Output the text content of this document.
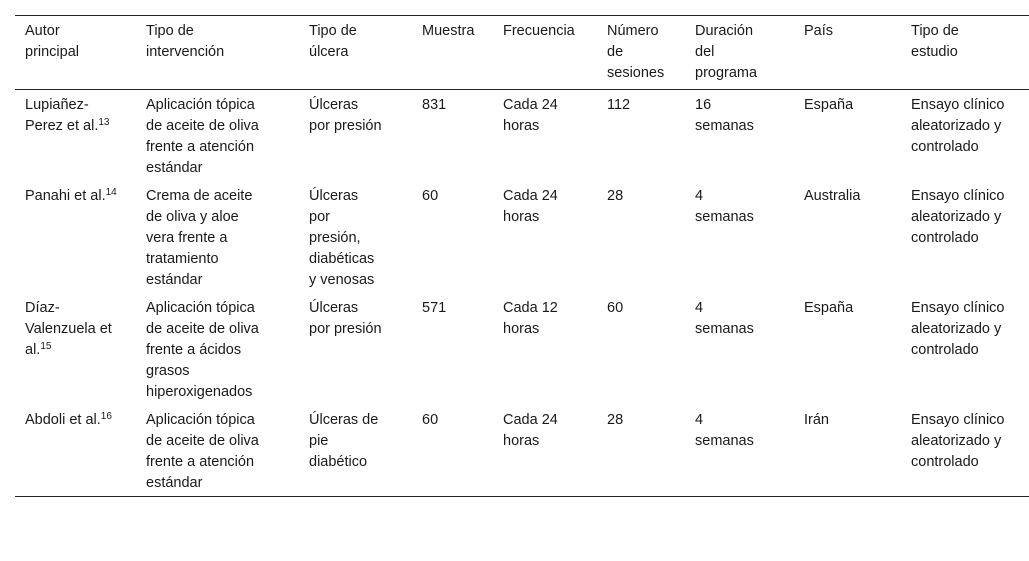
Autor principal	Tipo de intervención	Tipo de úlcera	Muestra	Frecuencia	Número de sesiones	Duración del programa	País	Tipo de estudio
Lupiañez-Perez et al.$^{13}$	Aplicación tópica de aceite de oliva frente a atención estándar	Úlceras por presión	831	Cada 24 horas	112	16 semanas	España	Ensayo clínico aleatorizado y controlado
Panahi et al.$^{14}$	Crema de aceite de oliva y aloe vera frente a tratamiento estándar	Úlceras por presión, diabéticas y venosas	60	Cada 24 horas	28	4 semanas	Australia	Ensayo clínico aleatorizado y controlado
Díaz-Valenzuela et al.$^{15}$	Aplicación tópica de aceite de oliva frente a ácidos grasos hiperoxigenados	Úlceras por presión	571	Cada 12 horas	60	4 semanas	España	Ensayo clínico aleatorizado y controlado
Abdoli et al.$^{16}$	Aplicación tópica de aceite de oliva frente a atención estándar	Úlceras de pie diabético	60	Cada 24 horas	28	4 semanas	Irán	Ensayo clínico aleatorizado y controlado
